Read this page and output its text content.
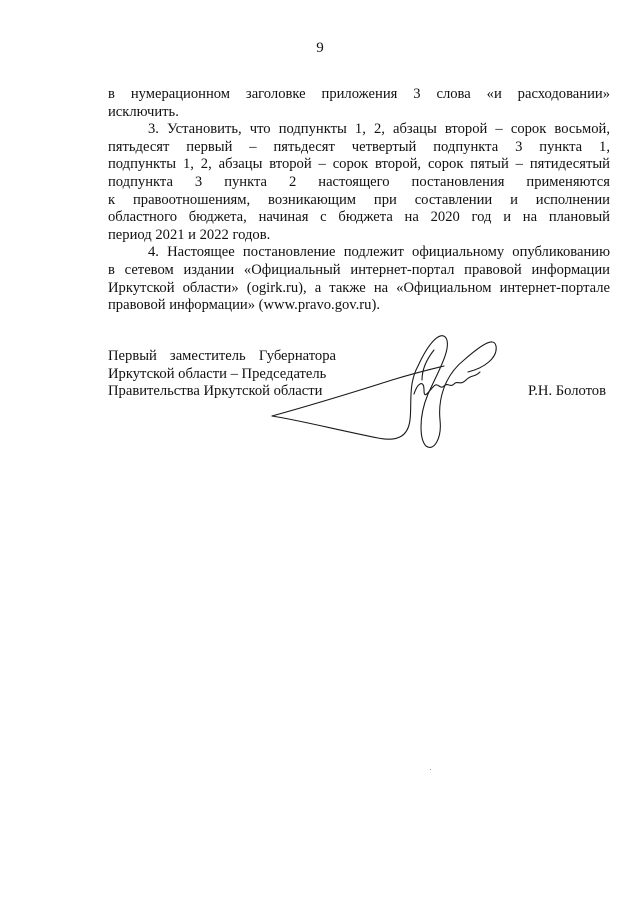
9
в нумерационном заголовке приложения 3 слова «и расходовании»
исключить.
3. Установить, что подпункты 1, 2, абзацы второй – сорок восьмой,
пятьдесят первый – пятьдесят четвертый подпункта 3 пункта 1,
подпункты 1, 2, абзацы второй – сорок второй, сорок пятый – пятидесятый
подпункта 3 пункта 2 настоящего постановления применяются
к правоотношениям, возникающим при составлении и исполнении
областного бюджета, начиная с бюджета на 2020 год и на плановый
период 2021 и 2022 годов.
4. Настоящее постановление подлежит официальному опубликованию
в сетевом издании «Официальный интернет-портал правовой информации
Иркутской области» (ogirk.ru), а также на «Официальном интернет-портале
правовой информации» (www.pravo.gov.ru).
Первый заместитель Губернатора
Иркутской области – Председатель
Правительства Иркутской области	Р.Н. Болотов
